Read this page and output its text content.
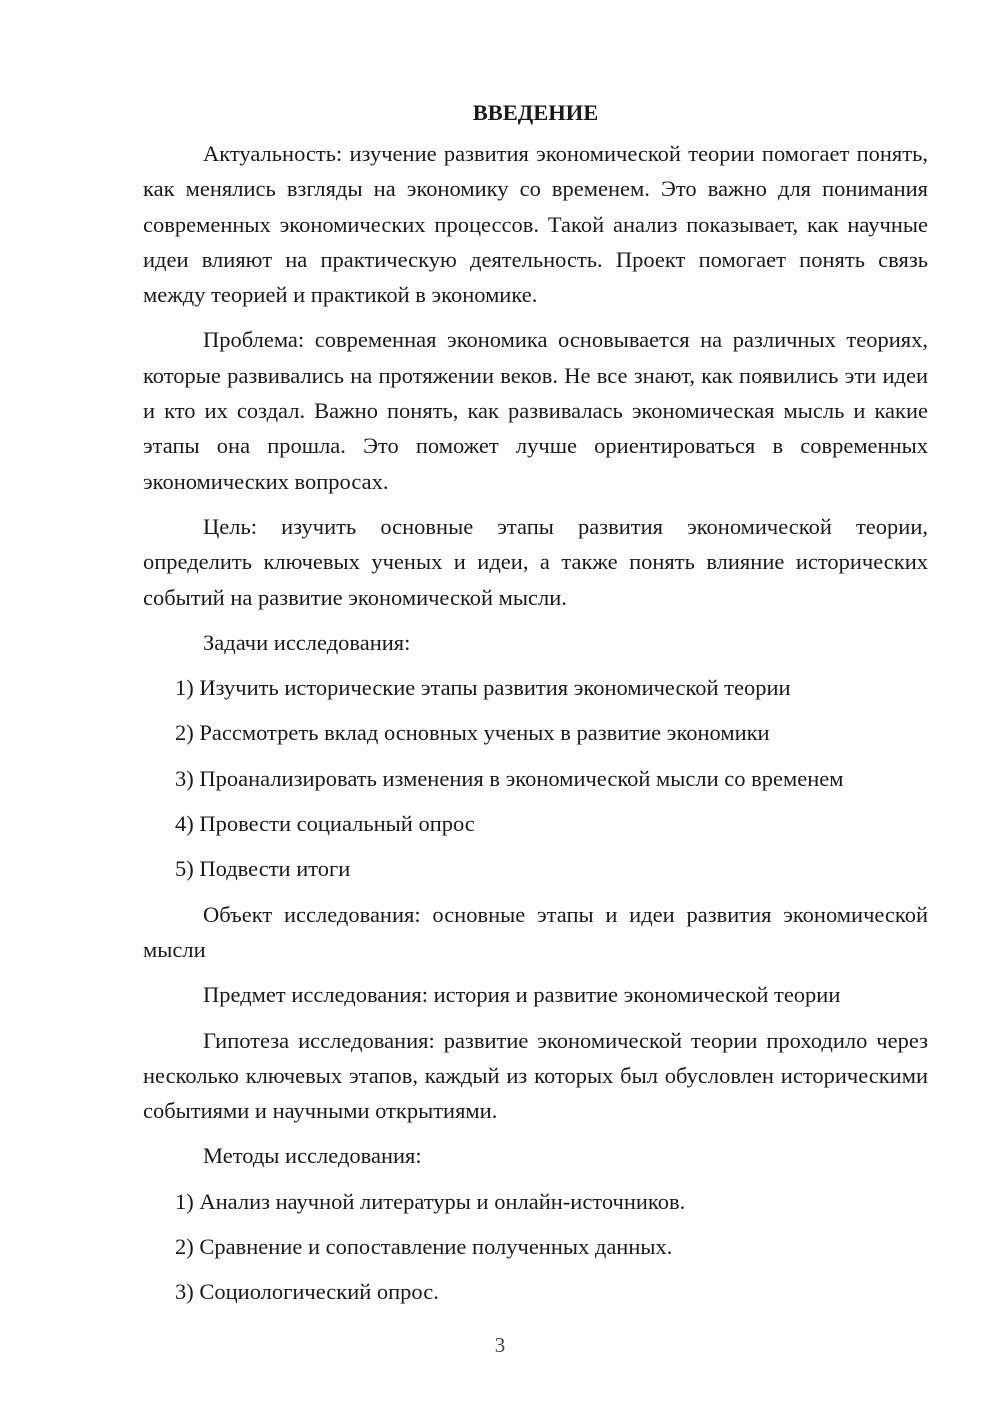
ВВЕДЕНИЕ

Актуальность: изучение развития экономической теории помогает понять, как менялись взгляды на экономику со временем. Это важно для понимания современных экономических процессов. Такой анализ показывает, как научные идеи влияют на практическую деятельность. Проект помогает понять связь между теорией и практикой в экономике.

Проблема: современная экономика основывается на различных теориях, которые развивались на протяжении веков. Не все знают, как появились эти идеи и кто их создал. Важно понять, как развивалась экономическая мысль и какие этапы она прошла. Это поможет лучше ориентироваться в современных экономических вопросах.

Цель: изучить основные этапы развития экономической теории, определить ключевых ученых и идеи, а также понять влияние исторических событий на развитие экономической мысли.

Задачи исследования:

1) Изучить исторические этапы развития экономической теории
2) Рассмотреть вклад основных ученых в развитие экономики
3) Проанализировать изменения в экономической мысли со временем
4) Провести социальный опрос
5) Подвести итоги

Объект исследования: основные этапы и идеи развития экономической мысли

Предмет исследования: история и развитие экономической теории

Гипотеза исследования: развитие экономической теории проходило через несколько ключевых этапов, каждый из которых был обусловлен историческими событиями и научными открытиями.

Методы исследования:

1) Анализ научной литературы и онлайн-источников.
2) Сравнение и сопоставление полученных данных.
3) Социологический опрос.
3
